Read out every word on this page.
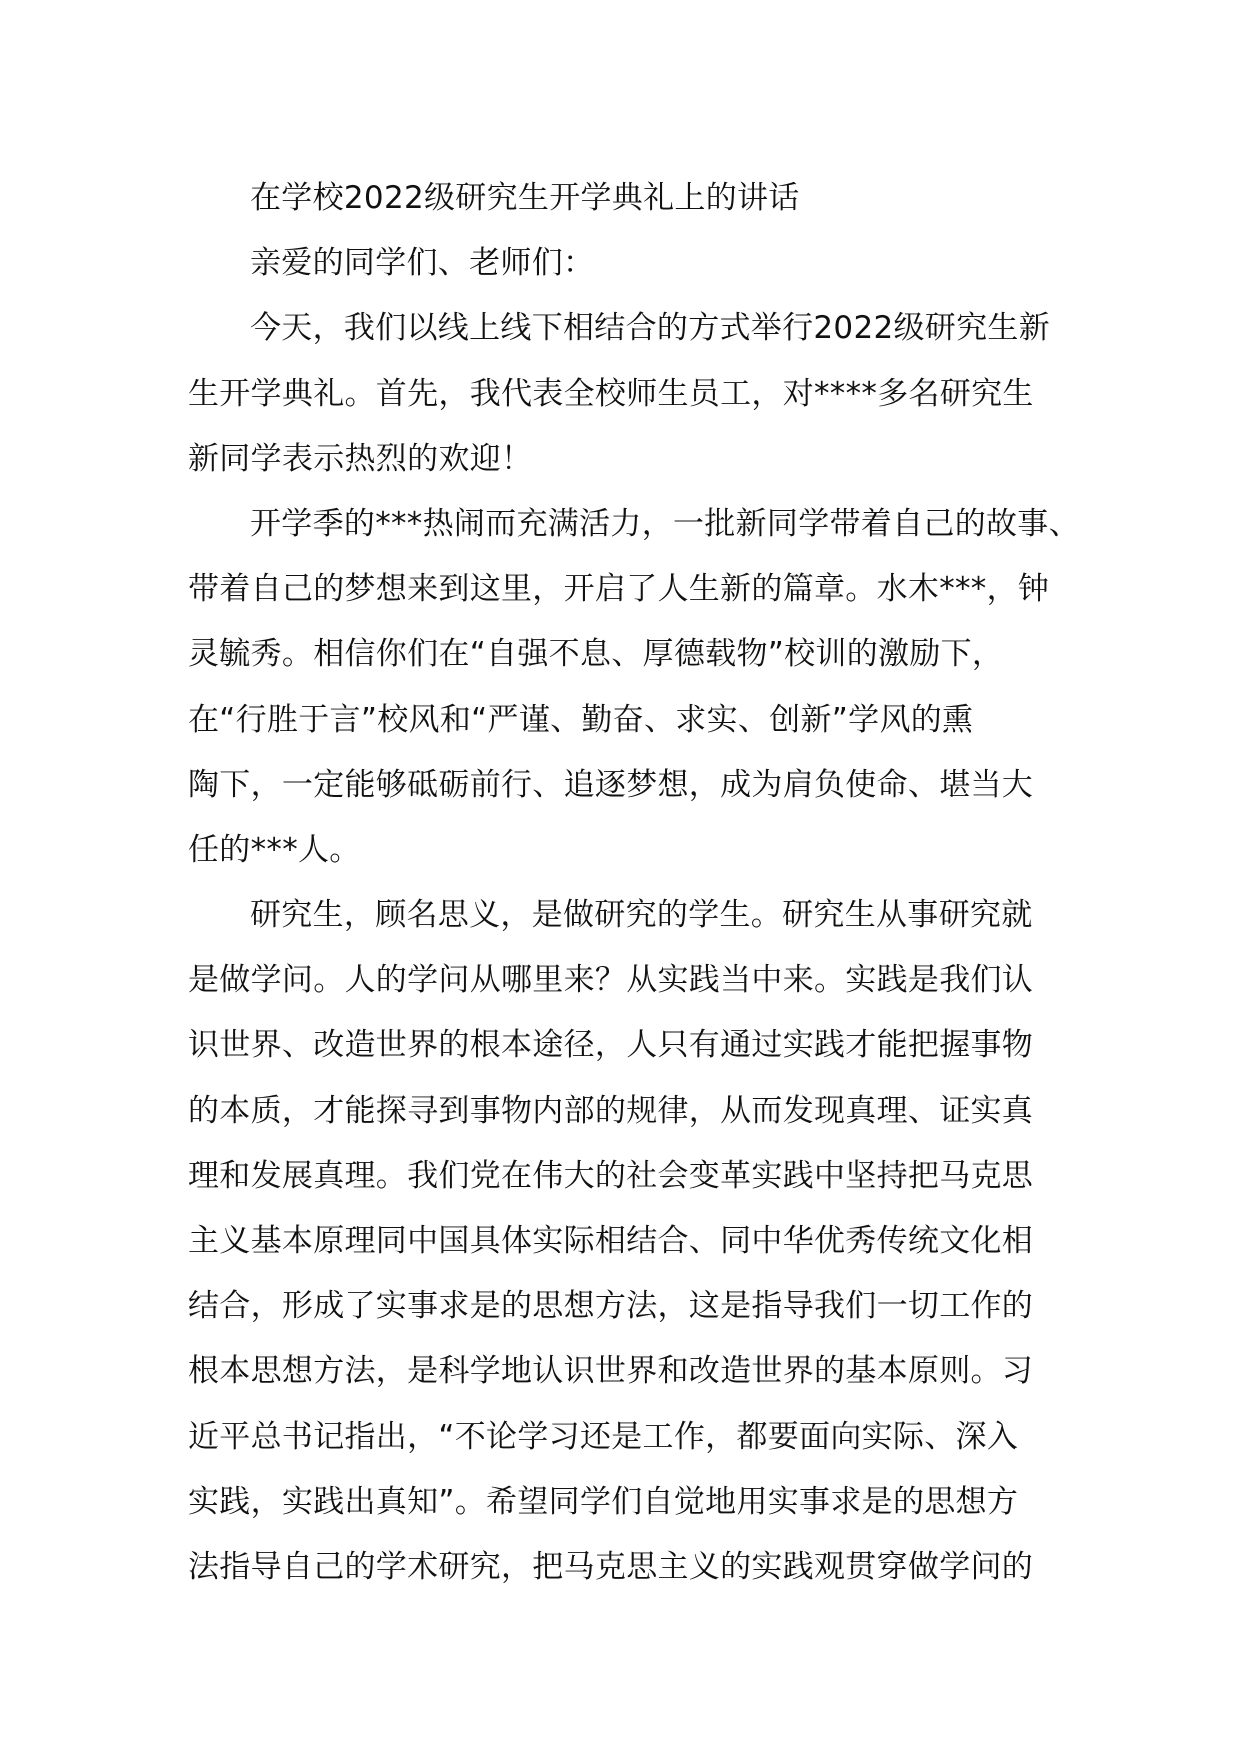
在学校2022级研究生开学典礼上的讲话
亲爱的同学们、老师们：
今天，我们以线上线下相结合的方式举行2022级研究生新
生开学典礼。首先，我代表全校师生员工，对****多名研究生
新同学表示热烈的欢迎！
开学季的***热闹而充满活力，一批新同学带着自己的故事、
带着自己的梦想来到这里，开启了人生新的篇章。水木***，钟
灵毓秀。相信你们在“自强不息、厚德载物”校训的激励下，
在“行胜于言”校风和“严谨、勤奋、求实、创新”学风的熏
陶下，一定能够砥砺前行、追逐梦想，成为肩负使命、堪当大
任的***人。
研究生，顾名思义，是做研究的学生。研究生从事研究就
是做学问。人的学问从哪里来？从实践当中来。实践是我们认
识世界、改造世界的根本途径，人只有通过实践才能把握事物
的本质，才能探寻到事物内部的规律，从而发现真理、证实真
理和发展真理。我们党在伟大的社会变革实践中坚持把马克思
主义基本原理同中国具体实际相结合、同中华优秀传统文化相
结合，形成了实事求是的思想方法，这是指导我们一切工作的
根本思想方法，是科学地认识世界和改造世界的基本原则。习
近平总书记指出，“不论学习还是工作，都要面向实际、深入
实践，实践出真知”。希望同学们自觉地用实事求是的思想方
法指导自己的学术研究，把马克思主义的实践观贯穿做学问的
